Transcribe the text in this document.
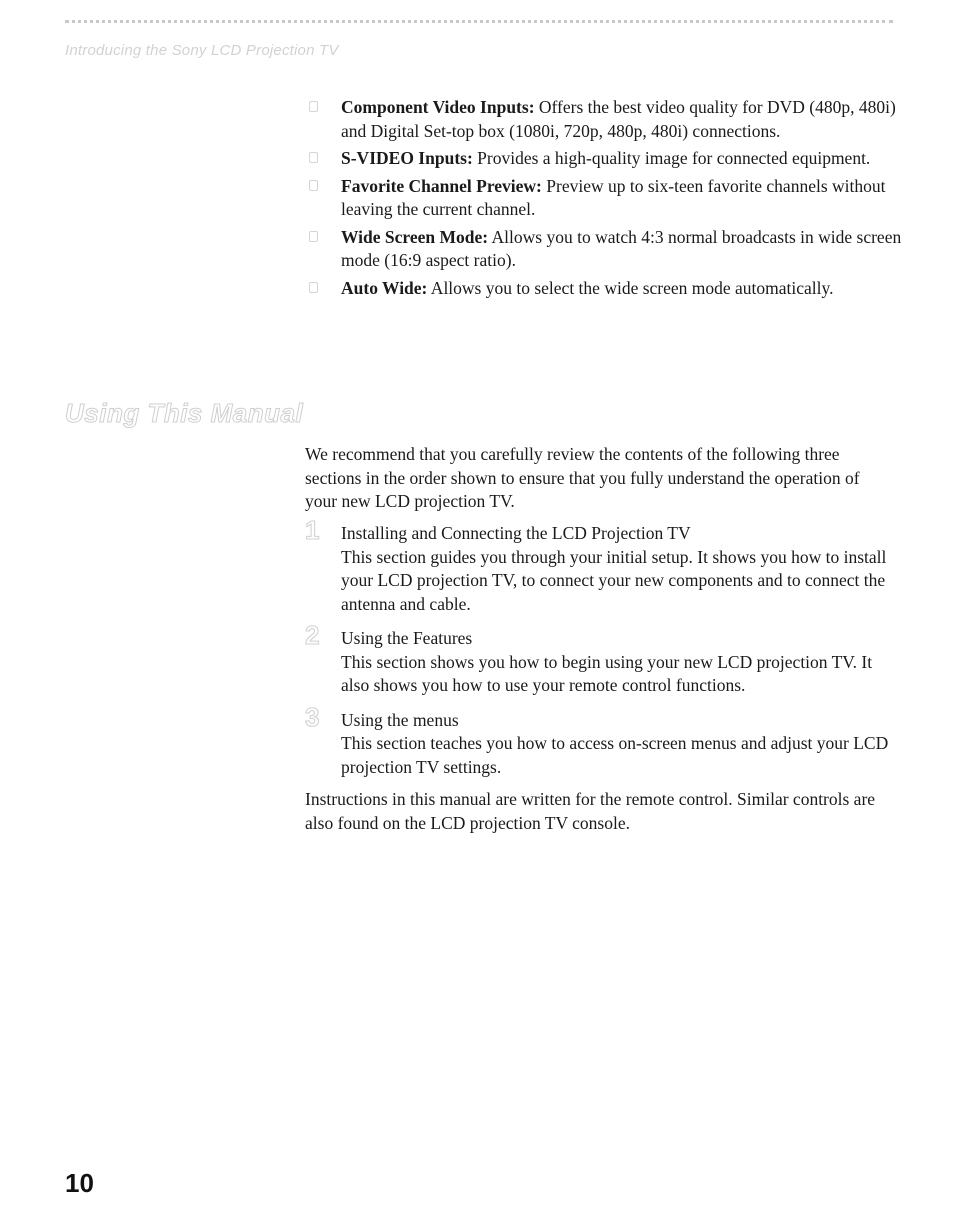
Introducing the Sony LCD Projection TV
Component Video Inputs: Offers the best video quality for DVD (480p, 480i) and Digital Set-top box (1080i, 720p, 480p, 480i) connections.
S-VIDEO Inputs: Provides a high-quality image for connected equipment.
Favorite Channel Preview: Preview up to six-teen favorite channels without leaving the current channel.
Wide Screen Mode: Allows you to watch 4:3 normal broadcasts in wide screen mode (16:9 aspect ratio).
Auto Wide: Allows you to select the wide screen mode automatically.
Using This Manual

We recommend that you carefully review the contents of the following three sections in the order shown to ensure that you fully understand the operation of your new LCD projection TV.

1 Installing and Connecting the LCD Projection TV
This section guides you through your initial setup. It shows you how to install your LCD projection TV, to connect your new components and to connect the antenna and cable.
2 Using the Features
This section shows you how to begin using your new LCD projection TV. It also shows you how to use your remote control functions.
3 Using the menus
This section teaches you how to access on-screen menus and adjust your LCD projection TV settings.

Instructions in this manual are written for the remote control. Similar controls are also found on the LCD projection TV console.

10
